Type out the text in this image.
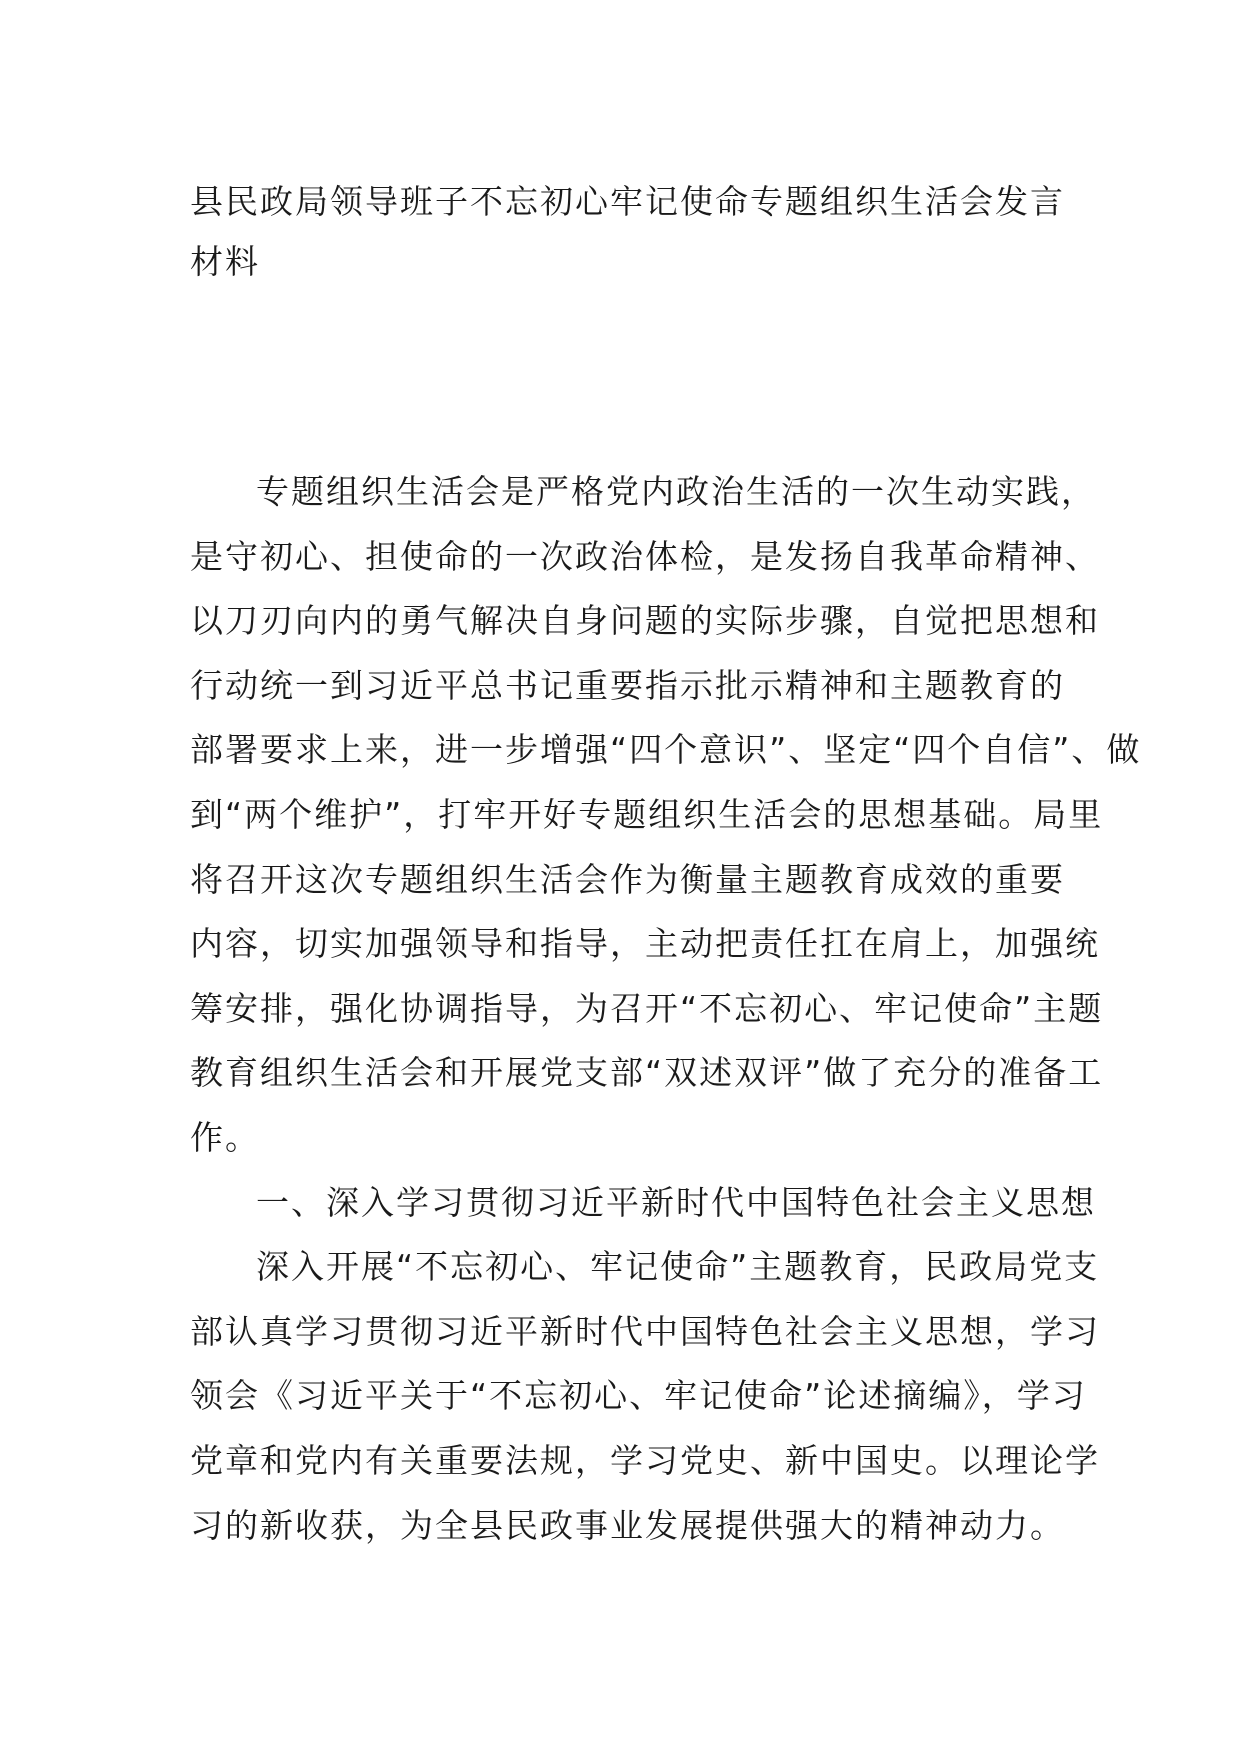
县民政局领导班子不忘初心牢记使命专题组织生活会发言
材料
专题组织生活会是严格党内政治生活的一次生动实践，
是守初心、担使命的一次政治体检，是发扬自我革命精神、
以刀刃向内的勇气解决自身问题的实际步骤，自觉把思想和
行动统一到习近平总书记重要指示批示精神和主题教育的
部署要求上来，进一步增强“四个意识”、坚定“四个自信”、做
到“两个维护”，打牢开好专题组织生活会的思想基础。局里
将召开这次专题组织生活会作为衡量主题教育成效的重要
内容，切实加强领导和指导，主动把责任扛在肩上，加强统
筹安排，强化协调指导，为召开“不忘初心、牢记使命”主题
教育组织生活会和开展党支部“双述双评”做了充分的准备工
作。
一、深入学习贯彻习近平新时代中国特色社会主义思想
深入开展“不忘初心、牢记使命”主题教育，民政局党支
部认真学习贯彻习近平新时代中国特色社会主义思想，学习
领会《习近平关于“不忘初心、牢记使命”论述摘编》，学习
党章和党内有关重要法规，学习党史、新中国史。以理论学
习的新收获，为全县民政事业发展提供强大的精神动力。
